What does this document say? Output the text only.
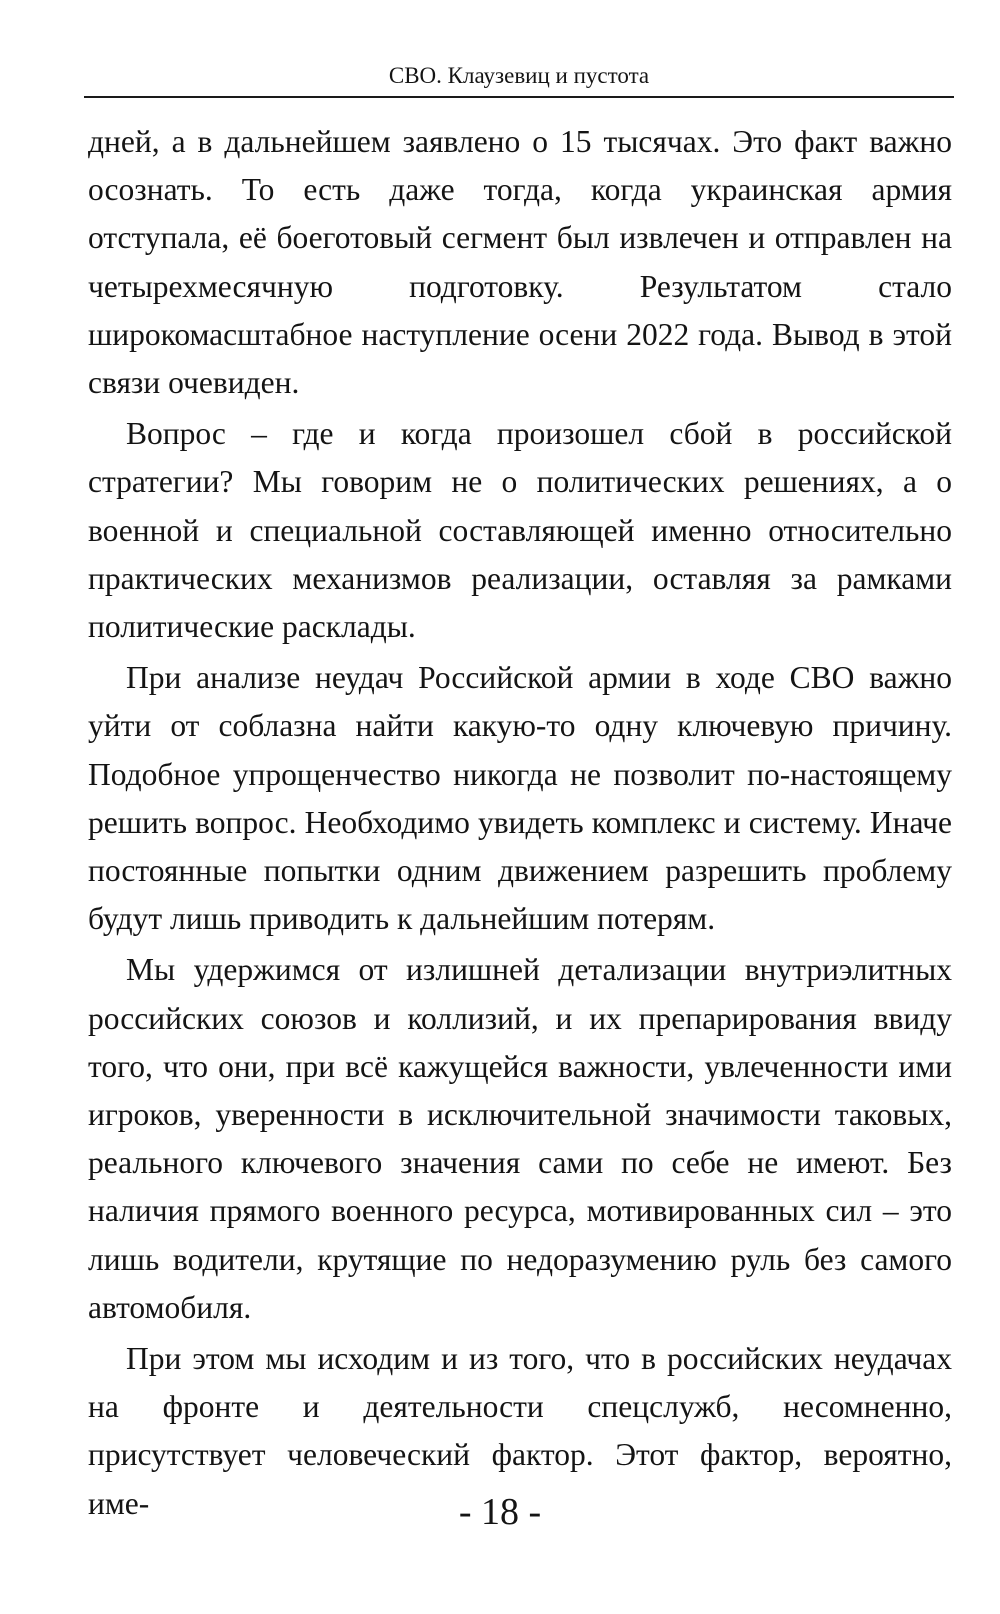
СВО. Клаузевиц и пустота

дней, а в дальнейшем заявлено о 15 тысячах. Это факт важно осознать. То есть даже тогда, когда украинская армия отступала, её боеготовый сегмент был извлечен и отправлен на четырехмесячную подготовку. Результатом стало широкомасштабное наступление осени 2022 года. Вывод в этой связи очевиден.

Вопрос – где и когда произошел сбой в российской стратегии? Мы говорим не о политических решениях, а о военной и специальной составляющей именно относительно практических механизмов реализации, оставляя за рамками политические расклады.

При анализе неудач Российской армии в ходе СВО важно уйти от соблазна найти какую-то одну ключевую причину. Подобное упрощенчество никогда не позволит по-настоящему решить вопрос. Необходимо увидеть комплекс и систему. Иначе постоянные попытки одним движением разрешить проблему будут лишь приводить к дальнейшим потерям.

Мы удержимся от излишней детализации внутриэлитных российских союзов и коллизий, и их препарирования ввиду того, что они, при всё кажущейся важности, увлеченности ими игроков, уверенности в исключительной значимости таковых, реального ключевого значения сами по себе не имеют. Без наличия прямого военного ресурса, мотивированных сил – это лишь водители, крутящие по недоразумению руль без самого автомобиля.

При этом мы исходим и из того, что в российских неудачах на фронте и деятельности спецслужб, несомненно, присутствует человеческий фактор. Этот фактор, вероятно, име-	- 18 -
